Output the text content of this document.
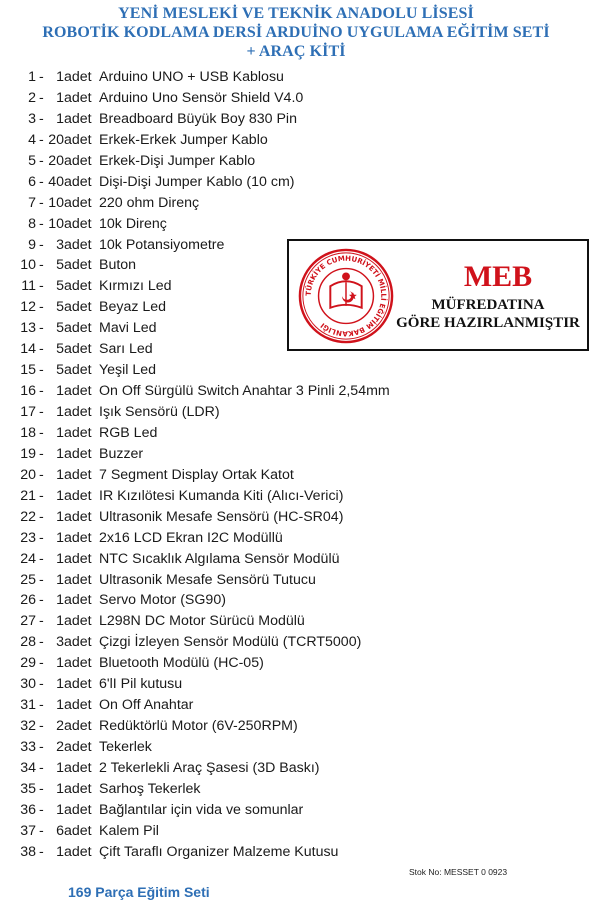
YENİ MESLEKİ VE TEKNİK ANADOLU LİSESİ
ROBOTİK KODLAMA DERSİ ARDUİNO UYGULAMA EĞİTİM SETİ
+ ARAÇ KİTİ
1 - 1 adet Arduino UNO + USB Kablosu
2 - 1 adet Arduino Uno Sensör Shield V4.0
3 - 1 adet Breadboard Büyük Boy 830 Pin
4 - 20 adet Erkek-Erkek Jumper Kablo
5 - 20 adet Erkek-Dişi Jumper Kablo
6 - 40 adet Dişi-Dişi Jumper Kablo (10 cm)
7 - 10 adet 220 ohm Direnç
8 - 10 adet 10k Direnç
9 - 3 adet 10k Potansiyometre
10 - 5 adet Buton
11 - 5 adet Kırmızı Led
12 - 5 adet Beyaz Led
13 - 5 adet Mavi Led
14 - 5 adet Sarı Led
15 - 5 adet Yeşil Led
16 - 1 adet On Off Sürgülü Switch Anahtar 3 Pinli 2,54mm
17 - 1 adet Işık Sensörü (LDR)
18 - 1 adet RGB Led
19 - 1 adet Buzzer
20 - 1 adet 7 Segment Display Ortak Katot
21 - 1 adet IR Kızılötesi Kumanda Kiti (Alıcı-Verici)
22 - 1 adet Ultrasonik Mesafe Sensörü (HC-SR04)
23 - 1 adet 2x16 LCD Ekran I2C Modüllü
24 - 1 adet NTC Sıcaklık Algılama Sensör Modülü
25 - 1 adet Ultrasonik Mesafe Sensörü Tutucu
26 - 1 adet Servo Motor (SG90)
27 - 1 adet L298N DC Motor Sürücü Modülü
28 - 3 adet Çizgi İzleyen Sensör Modülü (TCRT5000)
29 - 1 adet Bluetooth Modülü (HC-05)
30 - 1 adet 6'lI Pil kutusu
31 - 1 adet On Off Anahtar
32 - 2 adet Redüktörlü Motor (6V-250RPM)
33 - 2 adet Tekerlek
34 - 1 adet 2 Tekerlekli Araç Şasesi (3D Baskı)
35 - 1 adet Sarhoş Tekerlek
36 - 1 adet Bağlantılar için vida ve somunlar
37 - 6 adet Kalem Pil
38 - 1 adet Çift Taraflı Organizer Malzeme Kutusu
TÜRKİYE CUMHURİYETİ MİLLİ EĞİTİM BAKANLIĞI
MEB
MÜFREDATINA
GÖRE HAZIRLANMIŞTIR
Stok No: MESSET 0 0923
169 Parça Eğitim Seti
